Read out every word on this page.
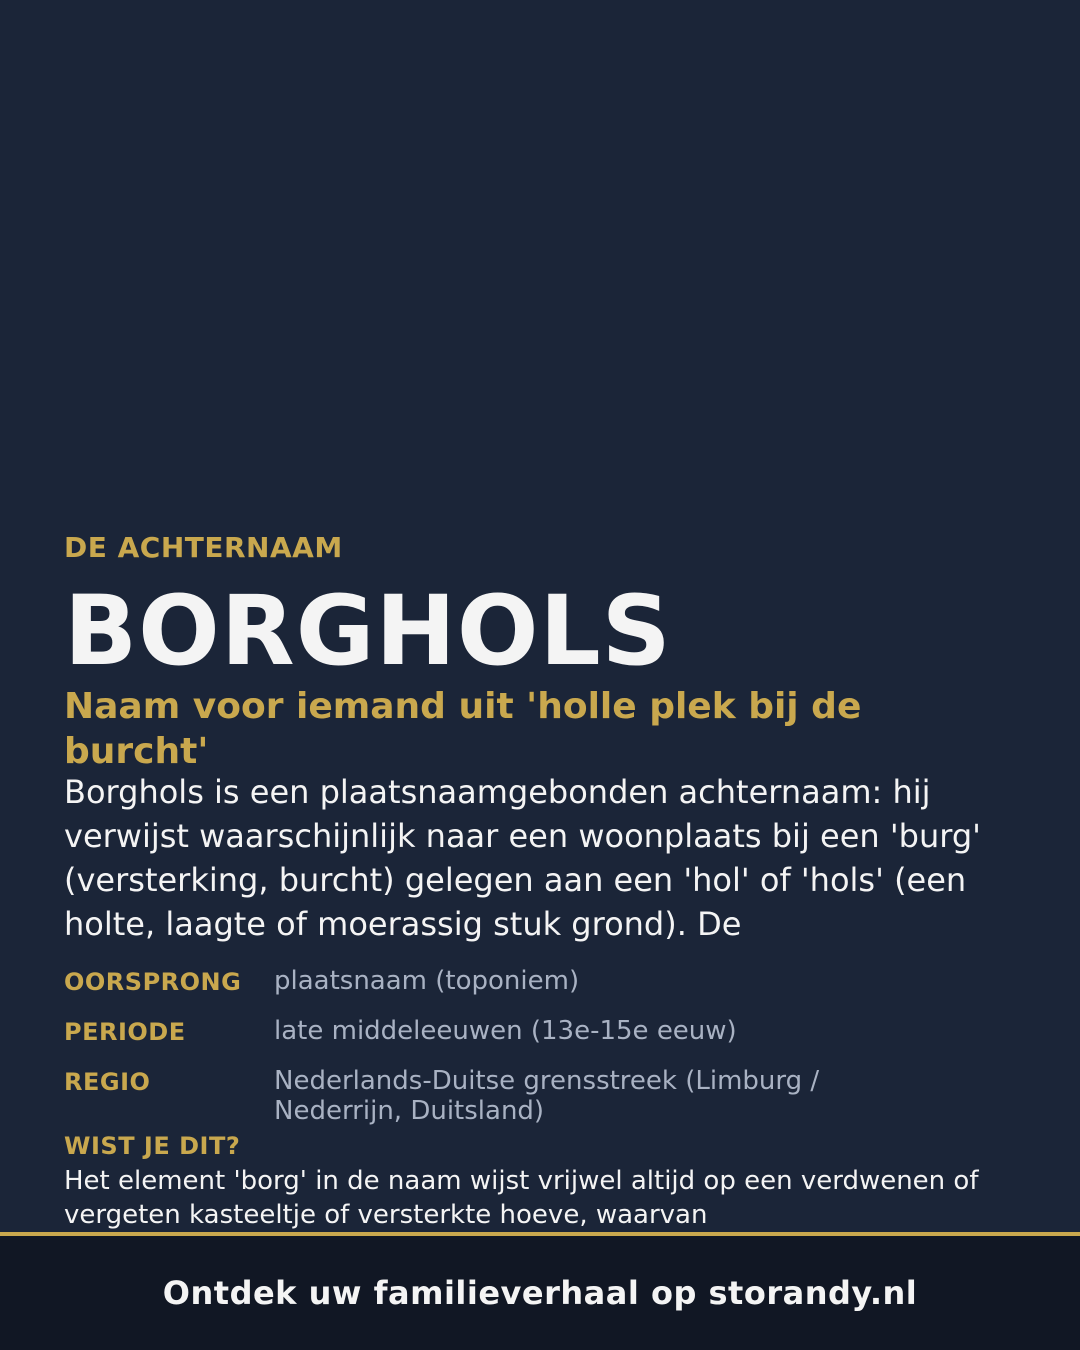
DE ACHTERNAAM
BORGHOLS
Naam voor iemand uit 'holle plek bij de burcht'
Borghols is een plaatsnaamgebonden achternaam: hij verwijst waarschijnlijk naar een woonplaats bij een 'burg' (versterking, burcht) gelegen aan een 'hol' of 'hols' (een holte, laagte of moerassig stuk grond). De
OORSPRONG	plaatsnaam (toponiem)
PERIODE	late middeleeuwen (13e-15e eeuw)
REGIO	Nederlands-Duitse grensstreek (Limburg / Nederrijn, Duitsland)
WIST JE DIT?
Het element 'borg' in de naam wijst vrijwel altijd op een verdwenen of vergeten kasteeltje of versterkte hoeve, waarvan
Ontdek uw familieverhaal op storandy.nl
